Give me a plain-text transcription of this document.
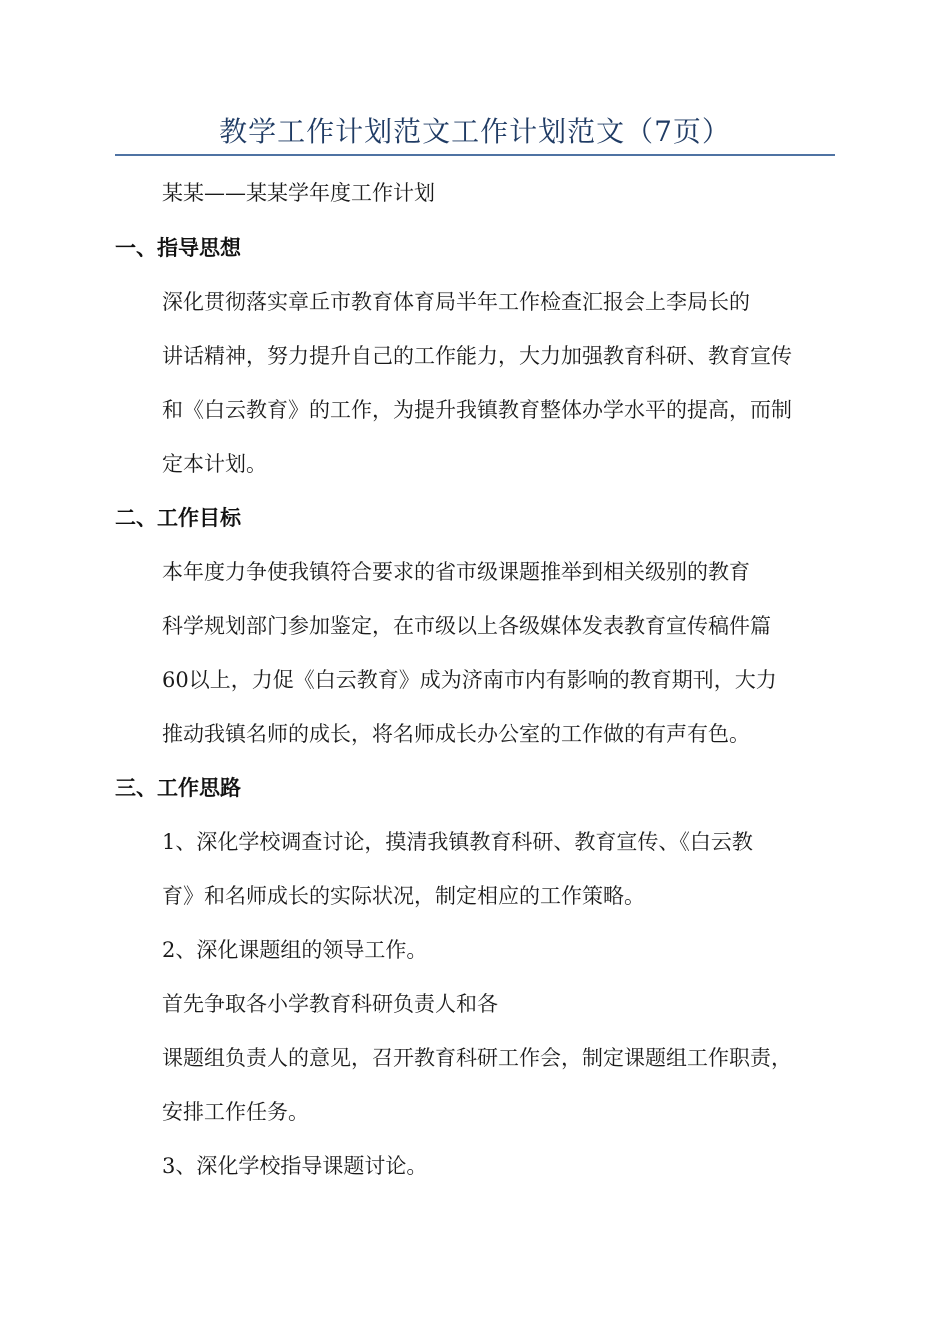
教学工作计划范文工作计划范文（7页）
某某——某某学年度工作计划
一、指导思想
深化贯彻落实章丘市教育体育局半年工作检查汇报会上李局长的
讲话精神，努力提升自己的工作能力，大力加强教育科研、教育宣传
和《白云教育》的工作，为提升我镇教育整体办学水平的提高，而制
定本计划。
二、工作目标
本年度力争使我镇符合要求的省市级课题推举到相关级别的教育
科学规划部门参加鉴定，在市级以上各级媒体发表教育宣传稿件篇
60以上，力促《白云教育》成为济南市内有影响的教育期刊，大力
推动我镇名师的成长，将名师成长办公室的工作做的有声有色。
三、工作思路
1、深化学校调查讨论，摸清我镇教育科研、教育宣传、《白云教
育》和名师成长的实际状况，制定相应的工作策略。
2、深化课题组的领导工作。
首先争取各小学教育科研负责人和各
课题组负责人的意见，召开教育科研工作会，制定课题组工作职责，
安排工作任务。
3、深化学校指导课题讨论。
